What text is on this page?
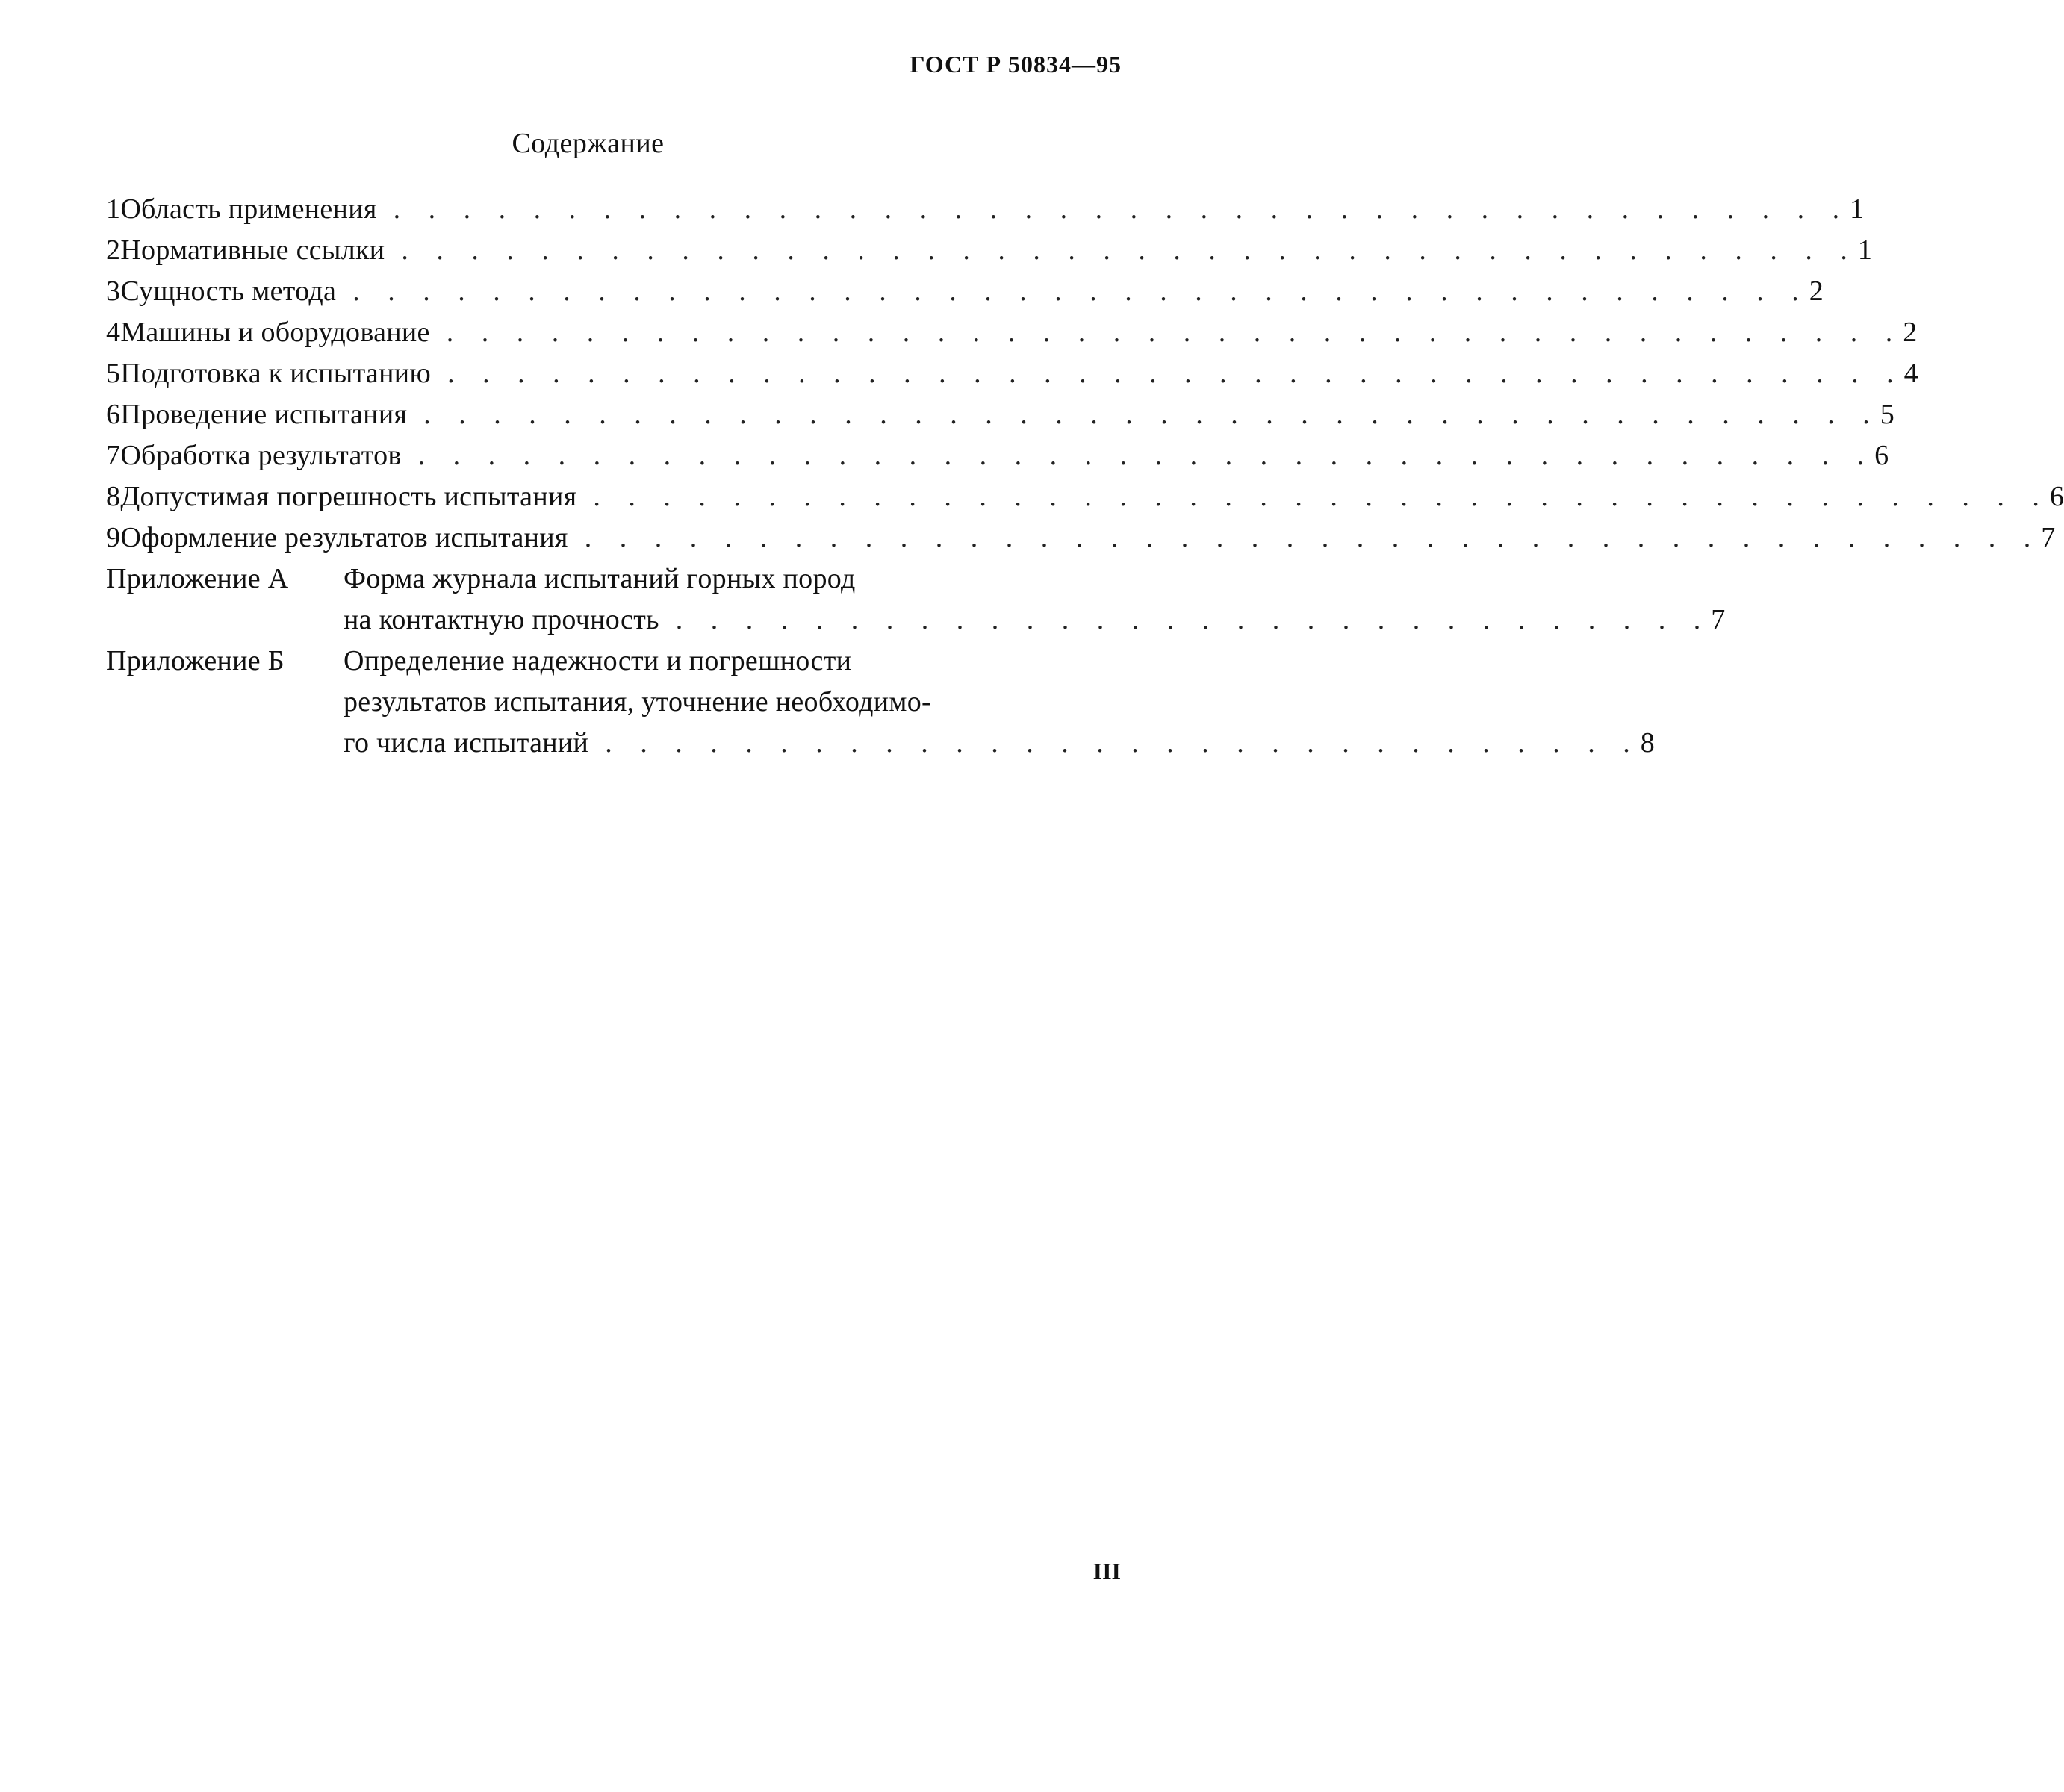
ГОСТ Р 50834—95
Содержание
1 Область применения . . . . . . . . . . . . . . . . . . . . . . . . . . . . . . . . . . . . . . . . . . 1
2 Нормативные ссылки . . . . . . . . . . . . . . . . . . . . . . . . . . . . . . . . . . . . . . . . . . 1
3 Сущность метода . . . . . . . . . . . . . . . . . . . . . . . . . . . . . . . . . . . . . . . . . . 2
4 Машины и оборудование . . . . . . . . . . . . . . . . . . . . . . . . . . . . . . . . . . . . . . . . . . 2
5 Подготовка к испытанию . . . . . . . . . . . . . . . . . . . . . . . . . . . . . . . . . . . . . . . . . . 4
6 Проведение испытания . . . . . . . . . . . . . . . . . . . . . . . . . . . . . . . . . . . . . . . . . . 5
7 Обработка результатов . . . . . . . . . . . . . . . . . . . . . . . . . . . . . . . . . . . . . . . . . . 6
8 Допустимая погрешность испытания . . . . . . . . . . . . . . . . . . . . . . . . . . . . . . . . . . . . . . . . . . 6
9 Оформление результатов испытания . . . . . . . . . . . . . . . . . . . . . . . . . . . . . . . . . . . . . . . . . . 7
Приложение А	Форма журнала испытаний горных пород
на контактную прочность . . . . . . . . . . . . . . . . . . . . . . . . . . . . . . 7
Приложение Б	Определение надежности и погрешности
результатов испытания, уточнение необходимо-
го числа испытаний . . . . . . . . . . . . . . . . . . . . . . . . . . . . . . 8
III
